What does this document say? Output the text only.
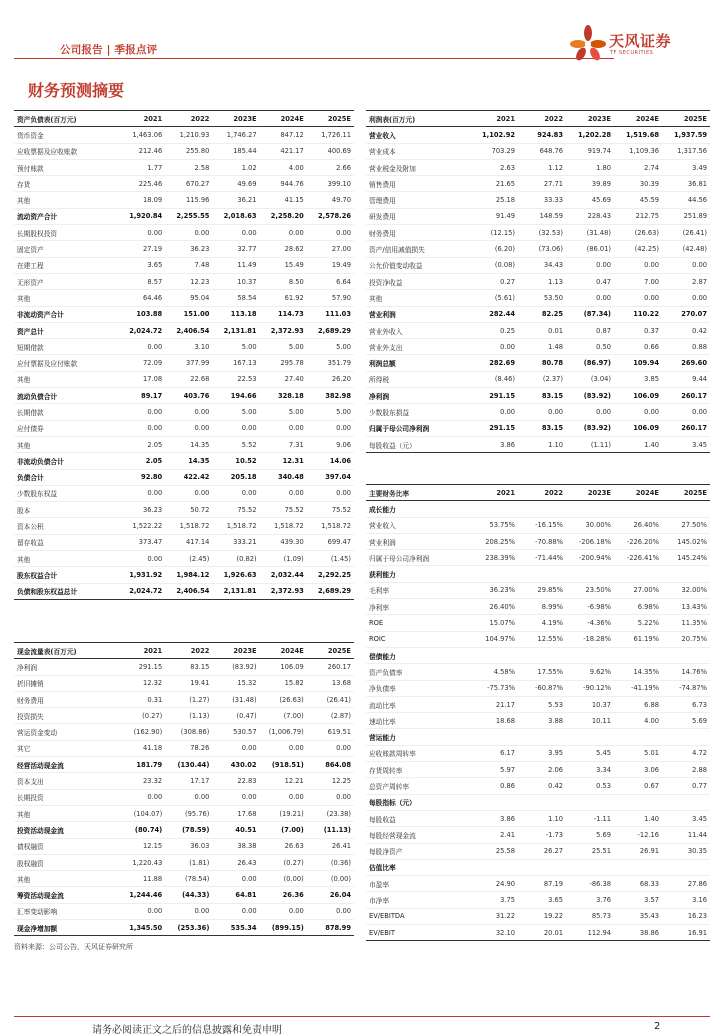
公司报告 | 季报点评	天风证券
TF SECURITIES
财务预测摘要
资产负债表(百万元)	2021	2022	2023E	2024E	2025E
货币资金	1,463.06	1,210.93	1,746.27	847.12	1,726.11
应收票据及应收账款	212.46	255.80	185.44	421.17	400.69
预付账款	1.77	2.58	1.02	4.00	2.66
存货	225.46	670.27	49.69	944.76	399.10
其他	18.09	115.96	36.21	41.15	49.70
流动资产合计	1,920.84	2,255.55	2,018.63	2,258.20	2,578.26
长期股权投资	0.00	0.00	0.00	0.00	0.00
固定资产	27.19	36.23	32.77	28.62	27.00
在建工程	3.65	7.48	11.49	15.49	19.49
无形资产	8.57	12.23	10.37	8.50	6.64
其他	64.46	95.04	58.54	61.92	57.90
非流动资产合计	103.88	151.00	113.18	114.73	111.03
资产总计	2,024.72	2,406.54	2,131.81	2,372.93	2,689.29
短期借款	0.00	3.10	5.00	5.00	5.00
应付票据及应付账款	72.09	377.99	167.13	295.78	351.79
其他	17.08	22.68	22.53	27.40	26.20
流动负债合计	89.17	403.76	194.66	328.18	382.98
长期借款	0.00	0.00	5.00	5.00	5.00
应付债券	0.00	0.00	0.00	0.00	0.00
其他	2.05	14.35	5.52	7.31	9.06
非流动负债合计	2.05	14.35	10.52	12.31	14.06
负债合计	92.80	422.42	205.18	340.48	397.04
少数股东权益	0.00	0.00	0.00	0.00	0.00
股本	36.23	50.72	75.52	75.52	75.52
资本公积	1,522.22	1,518.72	1,518.72	1,518.72	1,518.72
留存收益	373.47	417.14	333.21	439.30	699.47
其他	0.00	(2.45)	(0.82)	(1.09)	(1.45)
股东权益合计	1,931.92	1,984.12	1,926.63	2,032.44	2,292.25
负债和股东权益总计	2,024.72	2,406.54	2,131.81	2,372.93	2,689.29
利润表(百万元)	2021	2022	2023E	2024E	2025E
营业收入	1,102.92	924.83	1,202.28	1,519.68	1,937.59
营业成本	703.29	648.76	919.74	1,109.36	1,317.56
营业税金及附加	2.63	1.12	1.80	2.74	3.49
销售费用	21.65	27.71	39.89	30.39	36.81
管理费用	25.18	33.33	45.69	45.59	44.56
研发费用	91.49	148.59	228.43	212.75	251.89
财务费用	(12.15)	(32.53)	(31.48)	(26.63)	(26.41)
资产/信用减值损失	(6.20)	(73.06)	(86.01)	(42.25)	(42.48)
公允价值变动收益	(0.08)	34.43	0.00	0.00	0.00
投资净收益	0.27	1.13	0.47	7.00	2.87
其他	(5.61)	53.50	0.00	0.00	0.00
营业利润	282.44	82.25	(87.34)	110.22	270.07
营业外收入	0.25	0.01	0.87	0.37	0.42
营业外支出	0.00	1.48	0.50	0.66	0.88
利润总额	282.69	80.78	(86.97)	109.94	269.60
所得税	(8.46)	(2.37)	(3.04)	3.85	9.44
净利润	291.15	83.15	(83.92)	106.09	260.17
少数股东损益	0.00	0.00	0.00	0.00	0.00
归属于母公司净利润	291.15	83.15	(83.92)	106.09	260.17
每股收益（元）	3.86	1.10	(1.11)	1.40	3.45
主要财务比率	2021	2022	2023E	2024E	2025E
成长能力					
营业收入	53.75%	-16.15%	30.00%	26.40%	27.50%
营业利润	208.25%	-70.88%	-206.18%	-226.20%	145.02%
归属于母公司净利润	238.39%	-71.44%	-200.94%	-226.41%	145.24%
获利能力					
毛利率	36.23%	29.85%	23.50%	27.00%	32.00%
净利率	26.40%	8.99%	-6.98%	6.98%	13.43%
ROE	15.07%	4.19%	-4.36%	5.22%	11.35%
ROIC	104.97%	12.55%	-18.28%	61.19%	20.75%
偿债能力					
资产负债率	4.58%	17.55%	9.62%	14.35%	14.76%
净负债率	-75.73%	-60.87%	-90.12%	-41.19%	-74.87%
流动比率	21.17	5.53	10.37	6.88	6.73
速动比率	18.68	3.88	10.11	4.00	5.69
营运能力					
应收账款周转率	6.17	3.95	5.45	5.01	4.72
存货周转率	5.97	2.06	3.34	3.06	2.88
总资产周转率	0.86	0.42	0.53	0.67	0.77
每股指标（元）					
每股收益	3.86	1.10	-1.11	1.40	3.45
每股经营现金流	2.41	-1.73	5.69	-12.16	11.44
每股净资产	25.58	26.27	25.51	26.91	30.35
估值比率					
市盈率	24.90	87.19	-86.38	68.33	27.86
市净率	3.75	3.65	3.76	3.57	3.16
EV/EBITDA	31.22	19.22	85.73	35.43	16.23
EV/EBIT	32.10	20.01	112.94	38.86	16.91
现金流量表(百万元)	2021	2022	2023E	2024E	2025E
净利润	291.15	83.15	(83.92)	106.09	260.17
折旧摊销	12.32	19.41	15.32	15.82	13.68
财务费用	0.31	(1.27)	(31.48)	(26.63)	(26.41)
投资损失	(0.27)	(1.13)	(0.47)	(7.00)	(2.87)
营运资金变动	(162.90)	(308.86)	530.57	(1,006.79)	619.51
其它	41.18	78.26	0.00	0.00	0.00
经营活动现金流	181.79	(130.44)	430.02	(918.51)	864.08
资本支出	23.32	17.17	22.83	12.21	12.25
长期投资	0.00	0.00	0.00	0.00	0.00
其他	(104.07)	(95.76)	17.68	(19.21)	(23.38)
投资活动现金流	(80.74)	(78.59)	40.51	(7.00)	(11.13)
债权融资	12.15	36.03	38.38	26.63	26.41
股权融资	1,220.43	(1.81)	26.43	(0.27)	(0.36)
其他	11.88	(78.54)	0.00	(0.00)	(0.00)
筹资活动现金流	1,244.46	(44.33)	64.81	26.36	26.04
汇率变动影响	0.00	0.00	0.00	0.00	0.00
现金净增加额	1,345.50	(253.36)	535.34	(899.15)	878.99
资料来源：公司公告，天风证券研究所
请务必阅读正文之后的信息披露和免责申明	2
